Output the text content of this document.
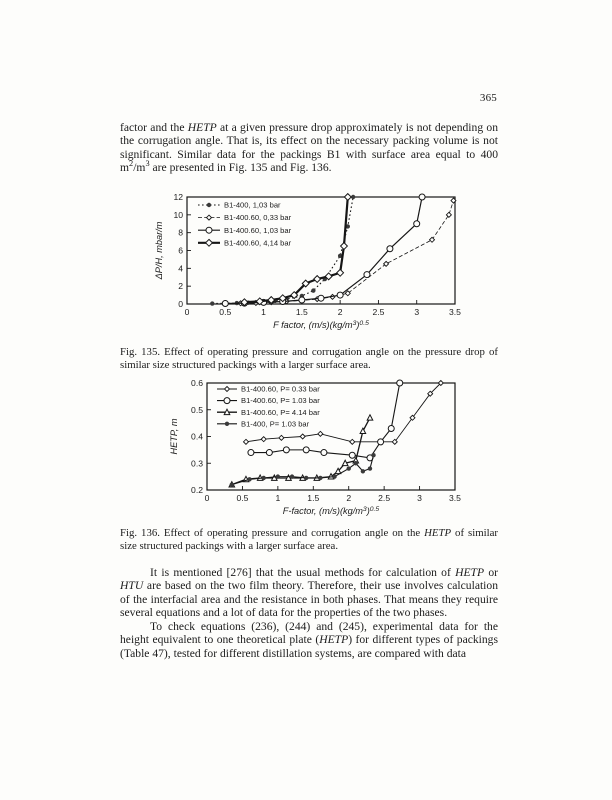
365

factor and the HETP at a given pressure drop approximately is not depending on the corrugation angle. That is, its effect on the necessary packing volume is not significant. Similar data for the packings B1 with surface area equal to 400 $m^2/m^3$ are presented in Fig. 135 and Fig. 136.

0	0.5	1	1.5	2	2.5	3	3.5
0
2
4
6
8
10
12
ΔP/H, mbar/m
F factor, $(m/s)(kg/m^3)^{0.5}$
B1-400, 1,03 bar
B1-400.60, 0,33 bar
B1-400.60, 1,03 bar
B1-400.60, 4,14 bar

Fig. 135. Effect of operating pressure and corrugation angle on the pressure drop of similar size structured packings with a larger surface area.

0	0.5	1	1.5	2	2.5	3	3.5
0.2
0.3
0.4
0.5
0.6
HETP, m
F-factor, $(m/s)(kg/m^3)^{0.5}$
B1-400.60, P= 0.33 bar
B1-400.60, P= 1.03 bar
B1-400.60, P= 4.14 bar
B1-400, P= 1.03 bar

Fig. 136. Effect of operating pressure and corrugation angle on the HETP of similar size structured packings with a larger surface area.

It is mentioned [276] that the usual methods for calculation of HETP or HTU are based on the two film theory. Therefore, their use involves calculation of the interfacial area and the resistance in both phases. That means they require several equations and a lot of data for the properties of the two phases.

To check equations (236), (244) and (245), experimental data for the height equivalent to one theoretical plate (HETP) for different types of packings (Table 47), tested for different distillation systems, are compared with data
